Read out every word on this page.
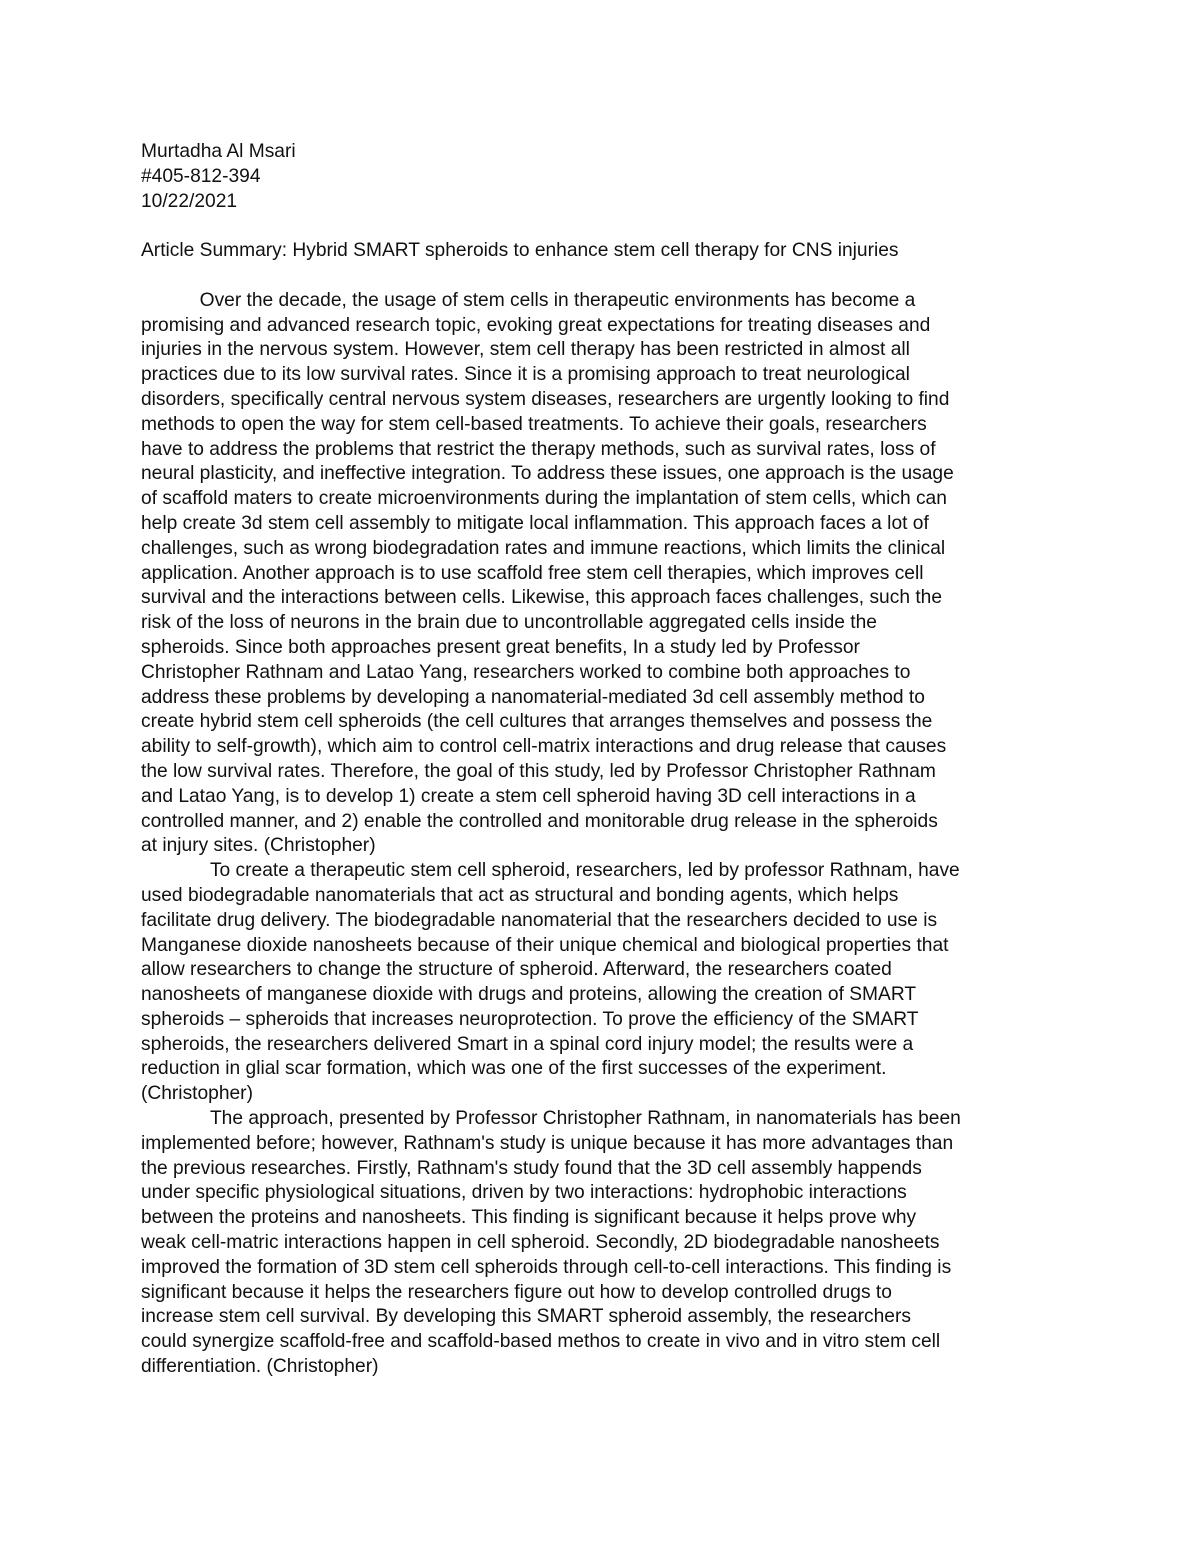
Murtadha Al Msari
#405-812-394
10/22/2021
Article Summary: Hybrid SMART spheroids to enhance stem cell therapy for CNS injuries
Over the decade, the usage of stem cells in therapeutic environments has become a
promising and advanced research topic, evoking great expectations for treating diseases and
injuries in the nervous system. However, stem cell therapy has been restricted in almost all
practices due to its low survival rates. Since it is a promising approach to treat neurological
disorders, specifically central nervous system diseases, researchers are urgently looking to find
methods to open the way for stem cell-based treatments. To achieve their goals, researchers
have to address the problems that restrict the therapy methods, such as survival rates, loss of
neural plasticity, and ineffective integration. To address these issues, one approach is the usage
of scaffold maters to create microenvironments during the implantation of stem cells, which can
help create 3d stem cell assembly to mitigate local inflammation. This approach faces a lot of
challenges, such as wrong biodegradation rates and immune reactions, which limits the clinical
application. Another approach is to use scaffold free stem cell therapies, which improves cell
survival and the interactions between cells. Likewise, this approach faces challenges, such the
risk of the loss of neurons in the brain due to uncontrollable aggregated cells inside the
spheroids. Since both approaches present great benefits, In a study led by Professor
Christopher Rathnam and Latao Yang, researchers worked to combine both approaches to
address these problems by developing a nanomaterial-mediated 3d cell assembly method to
create hybrid stem cell spheroids (the cell cultures that arranges themselves and possess the
ability to self-growth), which aim to control cell-matrix interactions and drug release that causes
the low survival rates. Therefore, the goal of this study, led by Professor Christopher Rathnam
and Latao Yang, is to develop 1) create a stem cell spheroid having 3D cell interactions in a
controlled manner, and 2) enable the controlled and monitorable drug release in the spheroids
at injury sites. (Christopher)
To create a therapeutic stem cell spheroid, researchers, led by professor Rathnam, have
used biodegradable nanomaterials that act as structural and bonding agents, which helps
facilitate drug delivery. The biodegradable nanomaterial that the researchers decided to use is
Manganese dioxide nanosheets because of their unique chemical and biological properties that
allow researchers to change the structure of spheroid. Afterward, the researchers coated
nanosheets of manganese dioxide with drugs and proteins, allowing the creation of SMART
spheroids – spheroids that increases neuroprotection. To prove the efficiency of the SMART
spheroids, the researchers delivered Smart in a spinal cord injury model; the results were a
reduction in glial scar formation, which was one of the first successes of the experiment.
(Christopher)
The approach, presented by Professor Christopher Rathnam, in nanomaterials has been
implemented before; however, Rathnam's study is unique because it has more advantages than
the previous researches. Firstly, Rathnam's study found that the 3D cell assembly happends
under specific physiological situations, driven by two interactions: hydrophobic interactions
between the proteins and nanosheets. This finding is significant because it helps prove why
weak cell-matric interactions happen in cell spheroid. Secondly, 2D biodegradable nanosheets
improved the formation of 3D stem cell spheroids through cell-to-cell interactions. This finding is
significant because it helps the researchers figure out how to develop controlled drugs to
increase stem cell survival. By developing this SMART spheroid assembly, the researchers
could synergize scaffold-free and scaffold-based methos to create in vivo and in vitro stem cell
differentiation. (Christopher)
